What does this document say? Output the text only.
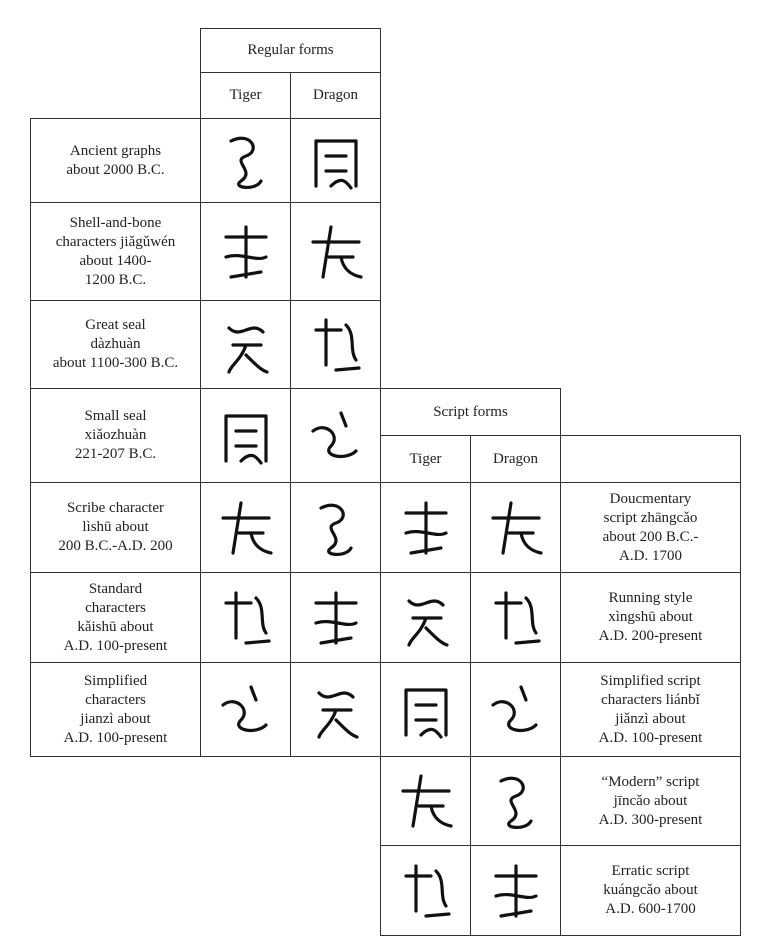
Regular forms
Tiger	Dragon
Script forms
Tiger	Dragon
Ancient graphs
about 2000 B.C.
Shell-and-bone
characters jiǎgǔwén
about 1400-
1200 B.C.
Great seal
dàzhuàn
about 1100-300 B.C.
Small seal
xiǎozhuàn
221-207 B.C.
Scribe character
lìshū about
200 B.C.-A.D. 200
Standard
characters
kǎishū about
A.D. 100-present
Simplified
characters
jianzì about
A.D. 100-present
Doucmentary
script zhāngcǎo
about 200 B.C.-
A.D. 1700
Running style
xìngshū about
A.D. 200-present
Simplified script
characters liánbǐ
jiǎnzì about
A.D. 100-present
“Modern” script
jīncǎo about
A.D. 300-present
Erratic script
kuángcǎo about
A.D. 600-1700
